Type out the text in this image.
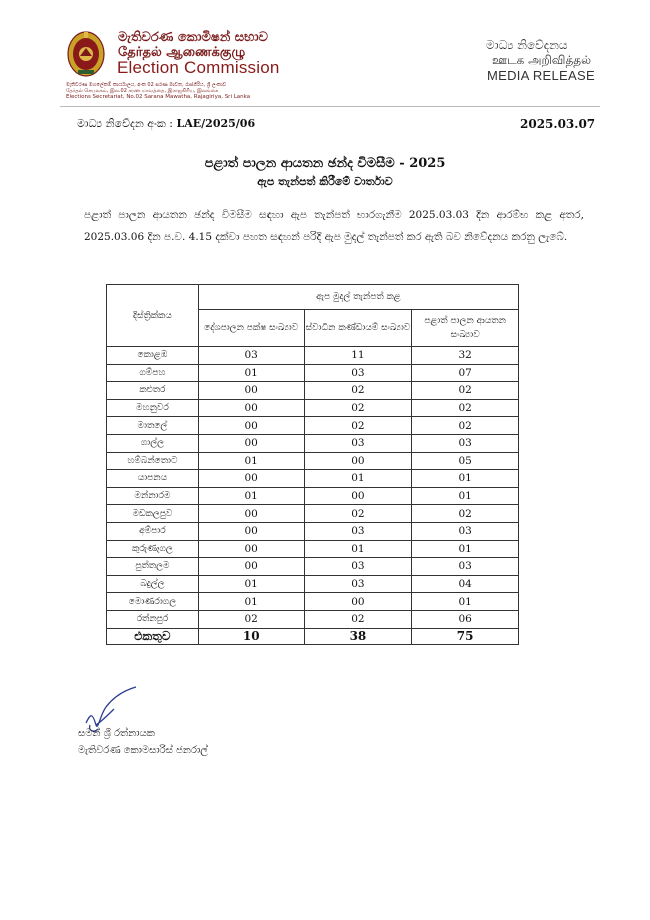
මැතිවරණ කොමිෂන් සභාව
தேர்தல் ஆணைக்குழு
Election Commission
මැතිවරණ මහලේකම් කාර්යාලය, අංක 02 සරණ මාවත, රාජගිරිය, ශ්‍රී ලංකාව
தேர்தல் செயலகம், இல.02 சரண மாவத்தை, இராஜகிரிய, இலங்கை
Elections Secretariat, No.02 Sarana Mawatha, Rajagiriya, Sri Lanka
මාධ්‍ය නිවේදනය
ஊடக அறிவித்தல்
MEDIA RELEASE
මාධ්‍ය නිවේදන අංක : LAE/2025/06	2025.03.07
පළාත් පාලන ආයතන ඡන්ද විමසීම - 2025
ඇප තැන්පත් කිරීමේ වාර්තාව
පළාත් පාලන ආයතන ඡන්ද විමසීම සඳහා ඇප තැන්පත් භාරගැනීම 2025.03.03 දින ආරම්භ කළ අතර, 2025.03.06 දින ප.ව. 4.15 දක්වා පහත සඳහන් පරිදි ඇප මුදල් තැන්පත් කර ඇති බව නිවේදනය කරනු ලැබේ.
දිස්ත්‍රික්කය	ඇප මුදල් තැන්පත් කළ		
	දේශපාලන පක්ෂ සංඛ්‍යාව	ස්වාධීන කණ්ඩායම් සංඛ්‍යාව	පළාත් පාලන ආයතන සංඛ්‍යාව
කොළඹ	03	11	32
ගම්පහ	01	03	07
කළුතර	00	02	02
මහනුවර	00	02	02
මාතලේ	00	02	02
ගාල්ල	00	03	03
හම්බන්තොට	01	00	05
යාපනය	00	01	01
මන්නාරම	01	00	01
මඩකලපුව	00	02	02
අම්පාර	00	03	03
කුරුණෑගල	00	01	01
පුත්තලම	00	03	03
බදුල්ල	01	03	04
මොණරාගල	01	00	01
රත්නපුර	02	02	06
එකතුව	10	38	75
සමන් ශ්‍රී රත්නායක
මැතිවරණ කොමසාරිස් ජනරාල්
